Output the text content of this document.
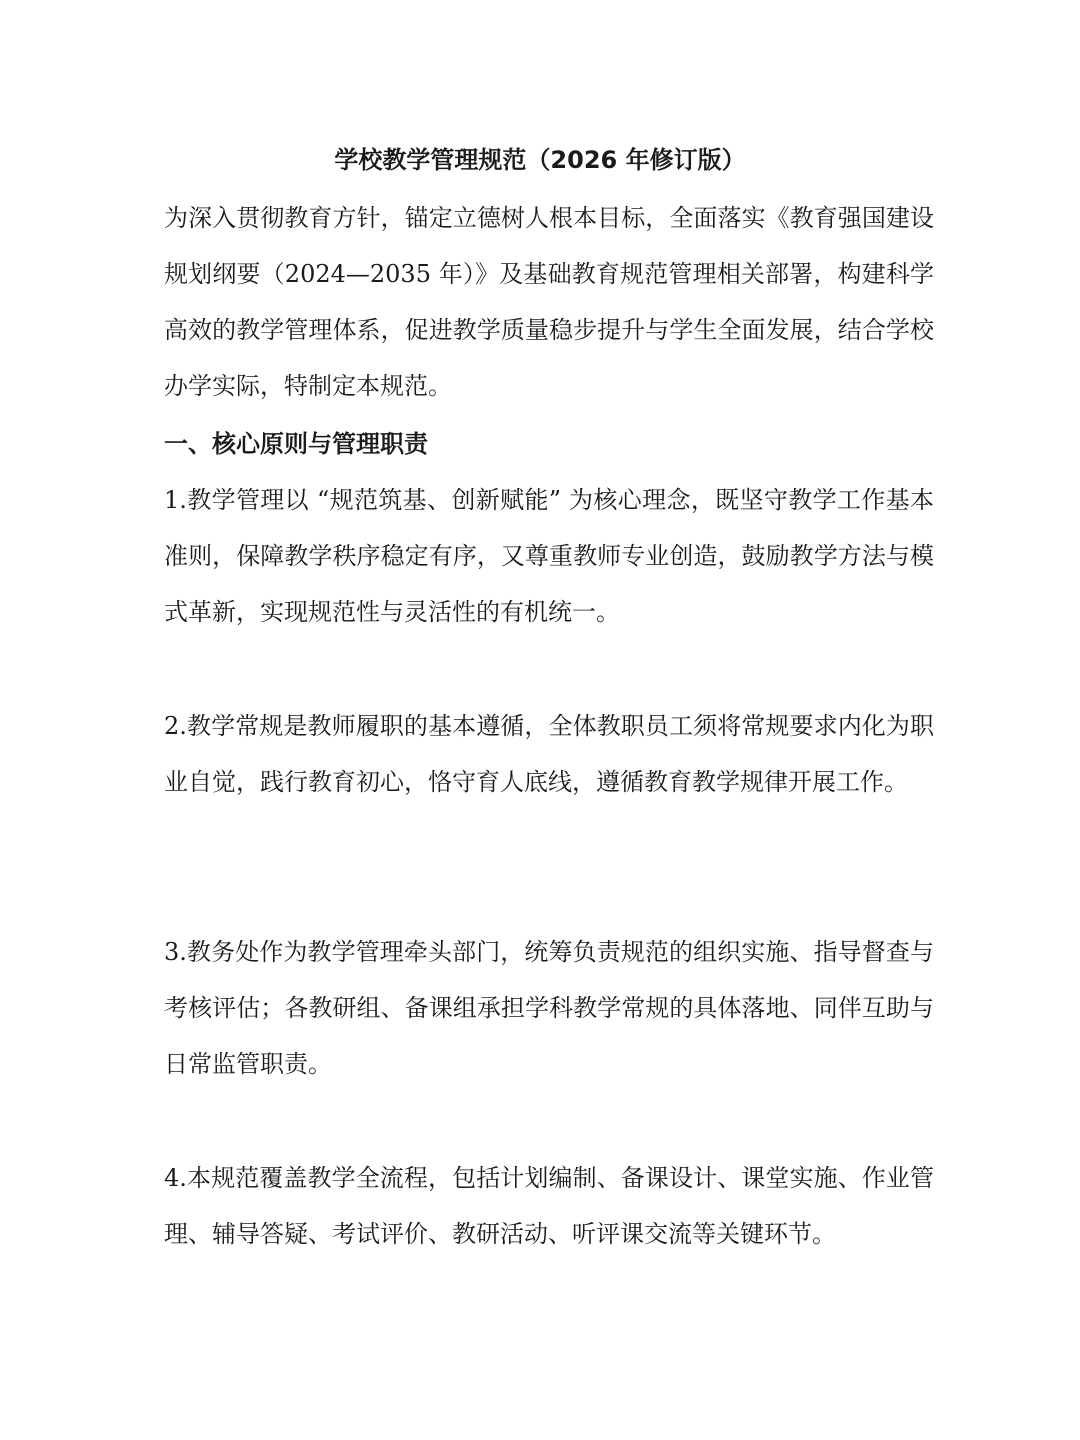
学校教学管理规范（2026 年修订版）

为深入贯彻教育方针，锚定立德树人根本目标，全面落实《教育强国建设规划纲要（2024—2035 年）》及基础教育规范管理相关部署，构建科学高效的教学管理体系，促进教学质量稳步提升与学生全面发展，结合学校办学实际，特制定本规范。

一、核心原则与管理职责

1.教学管理以 “规范筑基、创新赋能” 为核心理念，既坚守教学工作基本准则，保障教学秩序稳定有序，又尊重教师专业创造，鼓励教学方法与模式革新，实现规范性与灵活性的有机统一。

2.教学常规是教师履职的基本遵循，全体教职员工须将常规要求内化为职业自觉，践行教育初心，恪守育人底线，遵循教育教学规律开展工作。

3.教务处作为教学管理牵头部门，统筹负责规范的组织实施、指导督查与考核评估；各教研组、备课组承担学科教学常规的具体落地、同伴互助与日常监管职责。

4.本规范覆盖教学全流程，包括计划编制、备课设计、课堂实施、作业管理、辅导答疑、考试评价、教研活动、听评课交流等关键环节。
